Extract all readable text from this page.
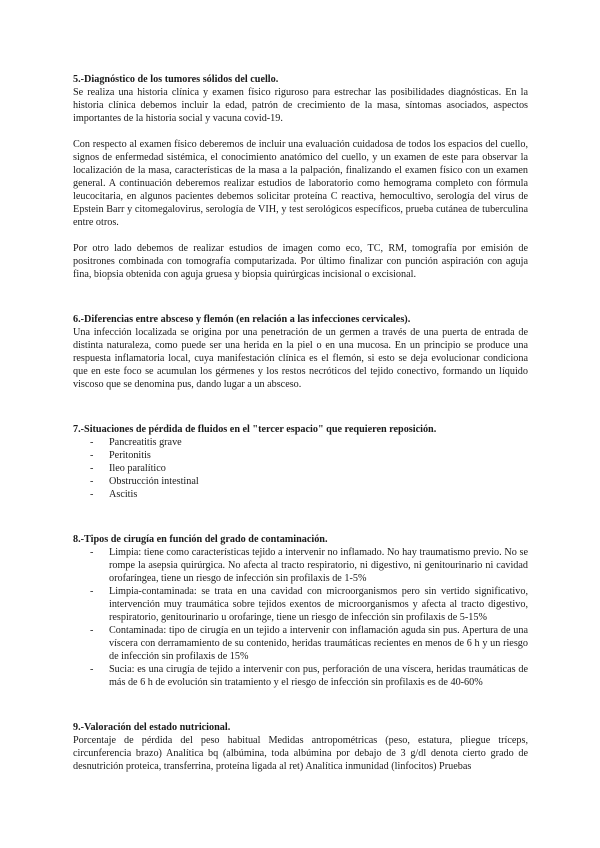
5.-Diagnóstico de los tumores sólidos del cuello.

Se realiza una historia clínica y examen físico riguroso para estrechar las posibilidades diagnósticas. En la historia clínica debemos incluir la edad, patrón de crecimiento de la masa, síntomas asociados, aspectos importantes de la historia social y vacuna covid-19.

Con respecto al examen físico deberemos de incluir una evaluación cuidadosa de todos los espacios del cuello, signos de enfermedad sistémica, el conocimiento anatómico del cuello, y un examen de este para observar la localización de la masa, características de la masa a la palpación, finalizando el examen físico con un examen general. A continuación deberemos realizar estudios de laboratorio como hemograma completo con fórmula leucocitaria, en algunos pacientes debemos solicitar proteína C reactiva, hemocultivo, serología del virus de Epstein Barr y citomegalovirus, serología de VIH, y test serológicos específicos, prueba cutánea de tuberculina entre otros.

Por otro lado debemos de realizar estudios de imagen como eco, TC, RM, tomografía por emisión de positrones combinada con tomografía computarizada. Por último finalizar con punción aspiración con aguja fina, biopsia obtenida con aguja gruesa y biopsia quirúrgicas incisional o excisional.

6.-Diferencias entre absceso y flemón (en relación a las infecciones cervicales).

Una infección localizada se origina por una penetración de un germen a través de una puerta de entrada de distinta naturaleza, como puede ser una herida en la piel o en una mucosa. En un principio se produce una respuesta inflamatoria local, cuya manifestación clínica es el flemón, si esto se deja evolucionar condiciona que en este foco se acumulan los gérmenes y los restos necróticos del tejido conectivo, formando un líquido viscoso que se denomina pus, dando lugar a un absceso.

7.-Situaciones de pérdida de fluidos en el "tercer espacio" que requieren reposición.
- Pancreatitis grave
- Peritonitis
- Ileo paralítico
- Obstrucción intestinal
- Ascitis
8.-Tipos de cirugía en función del grado de contaminación.
- Limpia: tiene como características tejido a intervenir no inflamado. No hay traumatismo previo. No se rompe la asepsia quirúrgica. No afecta al tracto respiratorio, ni digestivo, ni genitourinario ni cavidad orofaríngea, tiene un riesgo de infección sin profilaxis de 1-5%
- Limpia-contaminada: se trata en una cavidad con microorganismos pero sin vertido significativo, intervención muy traumática sobre tejidos exentos de microorganismos y afecta al tracto digestivo, respiratorio, genitourinario u orofaringe, tiene un riesgo de infección sin profilaxis de 5-15%
- Contaminada: tipo de cirugía en un tejido a intervenir con inflamación aguda sin pus. Apertura de una víscera con derramamiento de su contenido, heridas traumáticas recientes en menos de 6 h y un riesgo de infección sin profilaxis de 15%
- Sucia: es una cirugía de tejido a intervenir con pus, perforación de una víscera, heridas traumáticas de más de 6 h de evolución sin tratamiento y el riesgo de infección sin profilaxis es de 40-60%
9.-Valoración del estado nutricional.

Porcentaje de pérdida del peso habitual Medidas antropométricas (peso, estatura, pliegue tríceps, circunferencia brazo) Analítica bq (albúmina, toda albúmina por debajo de 3 g/dl denota cierto grado de desnutrición proteica, transferrina, proteína ligada al ret) Analítica inmunidad (linfocitos) Pruebas
